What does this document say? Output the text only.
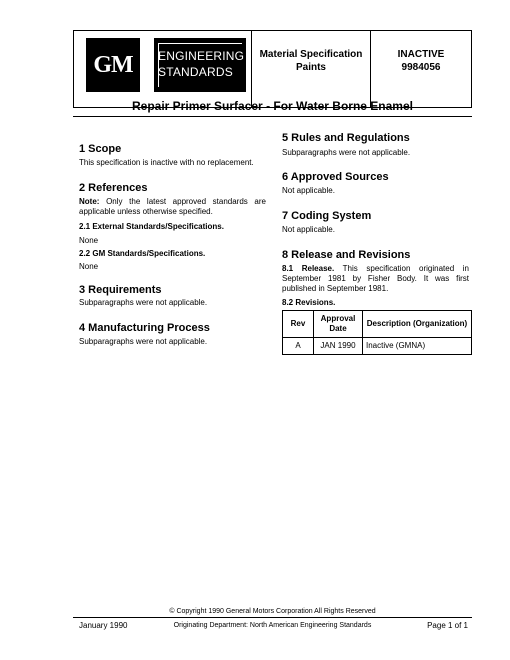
GM	ENGINEERING
STANDARDS
Material Specification
Paints
INACTIVE
9984056
Repair Primer Surfacer - For Water Borne Enamel
1 Scope
This specification is inactive with no replacement.
2 References
Note: Only the latest approved standards are applicable unless otherwise specified.
2.1 External Standards/Specifications.
None
2.2 GM Standards/Specifications.
None
3 Requirements
Subparagraphs were not applicable.
4 Manufacturing Process
Subparagraphs were not applicable.
5 Rules and Regulations
Subparagraphs were not applicable.
6 Approved Sources
Not applicable.
7 Coding System
Not applicable.
8 Release and Revisions
8.1 Release. This specification originated in September 1981 by Fisher Body. It was first published in September 1981.
8.2 Revisions.
Rev	Approval Date	Description (Organization)
A	JAN 1990	Inactive (GMNA)
© Copyright 1990 General Motors Corporation All Rights Reserved
January 1990	Originating Department: North American Engineering Standards	Page 1 of 1
